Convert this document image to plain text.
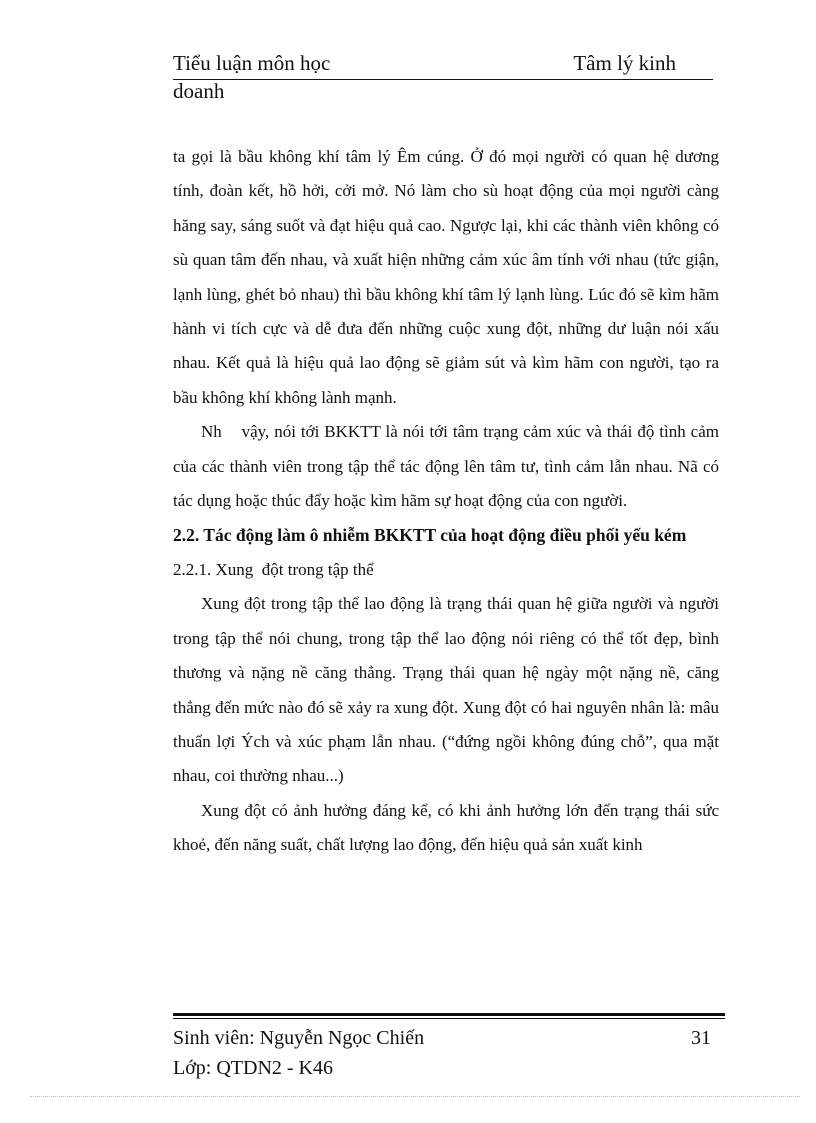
Tiểu luận môn học	Tâm lý kinh
doanh

ta gọi là bầu không khí tâm lý Êm cúng. Ở đó mọi người có quan hệ dương tính, đoàn kết, hồ hởi, cởi mở. Nó làm cho sù hoạt động của mọi người càng hăng say, sáng suốt và đạt hiệu quả cao. Ngược lại, khi các thành viên không có sù quan tâm đến nhau, và xuất hiện những cảm xúc âm tính với nhau (tức giận, lạnh lùng, ghét bỏ nhau) thì bầu không khí tâm lý lạnh lùng. Lúc đó sẽ kìm hãm hành vi tích cực và dễ đưa đến những cuộc xung đột, những dư luận nói xấu nhau. Kết quả là hiệu quả lao động sẽ giảm sút và kìm hãm con người, tạo ra bầu không khí không lành mạnh.

Nh    vậy, nói tới BKKTT là nói tới tâm trạng cảm xúc và thái độ tình cảm của các thành viên trong tập thể tác động lên tâm tư, tình cảm lẫn nhau. Nã có tác dụng hoặc thúc đẩy hoặc kìm hãm sự hoạt động của con người.

2.2. Tác động làm ô nhiễm BKKTT của hoạt động điều phối yếu kém

2.2.1. Xung  đột trong tập thể

Xung đột trong tập thể lao động là trạng thái quan hệ giữa người và người trong tập thể nói chung, trong tập thể lao động nói riêng có thể tốt đẹp, bình thương và nặng nề căng thẳng. Trạng thái quan hệ ngày một nặng nề, căng thẳng đến mức nào đó sẽ xảy ra xung đột. Xung đột có hai nguyên nhân là: mâu thuẩn lợi Ých và xúc phạm lẫn nhau. (“đứng ngồi không đúng chỗ”, qua mặt nhau, coi thường nhau...)

Xung đột có ảnh hưởng đáng kể, có khi ảnh hưởng lớn đến trạng thái sức khoẻ, đến năng suất, chất lượng lao động, đến hiệu quả sản xuất kinh

Sinh viên: Nguyễn Ngọc Chiến	31
Lớp: QTDN2 - K46
